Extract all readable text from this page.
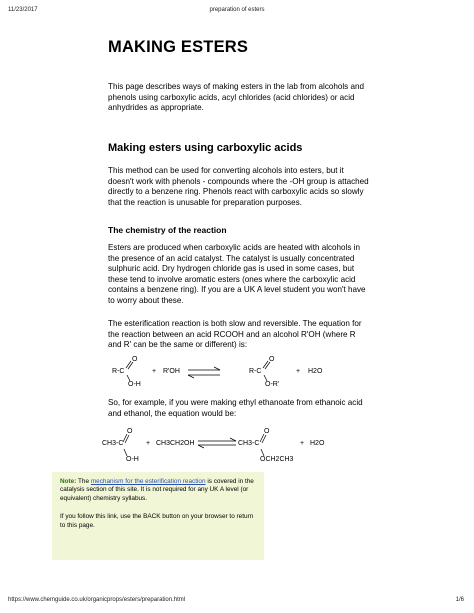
11/23/2017	preparation of esters
MAKING ESTERS

This page describes ways of making esters in the lab from alcohols and phenols using carboxylic acids, acyl chlorides (acid chlorides) or acid anhydrides as appropriate.

Making esters using carboxylic acids

This method can be used for converting alcohols into esters, but it doesn't work with phenols - compounds where the -OH group is attached directly to a benzene ring. Phenols react with carboxylic acids so slowly that the reaction is unusable for preparation purposes.

The chemistry of the reaction

Esters are produced when carboxylic acids are heated with alcohols in the presence of an acid catalyst. The catalyst is usually concentrated sulphuric acid. Dry hydrogen chloride gas is used in some cases, but these tend to involve aromatic esters (ones where the carboxylic acid contains a benzene ring). If you are a UK A level student you won't have to worry about these.

The esterification reaction is both slow and reversible. The equation for the reaction between an acid RCOOH and an alcohol R'OH (where R and R' can be the same or different) is:

O
R-C
O-H
+ R'OH
O
R-C
O-R'
+ H2O

So, for example, if you were making ethyl ethanoate from ethanoic acid and ethanol, the equation would be:

O
CH3-C
O-H
+ CH3CH2OH
O
CH3-C
OCH2CH3
+ H2O
Note: The mechanism for the esterification reaction is covered in the catalysis section of this site. It is not required for any UK A level (or equivalent) chemistry syllabus.
If you follow this link, use the BACK button on your browser to return to this page.
https://www.chemguide.co.uk/organicprops/esters/preparation.html	1/6
